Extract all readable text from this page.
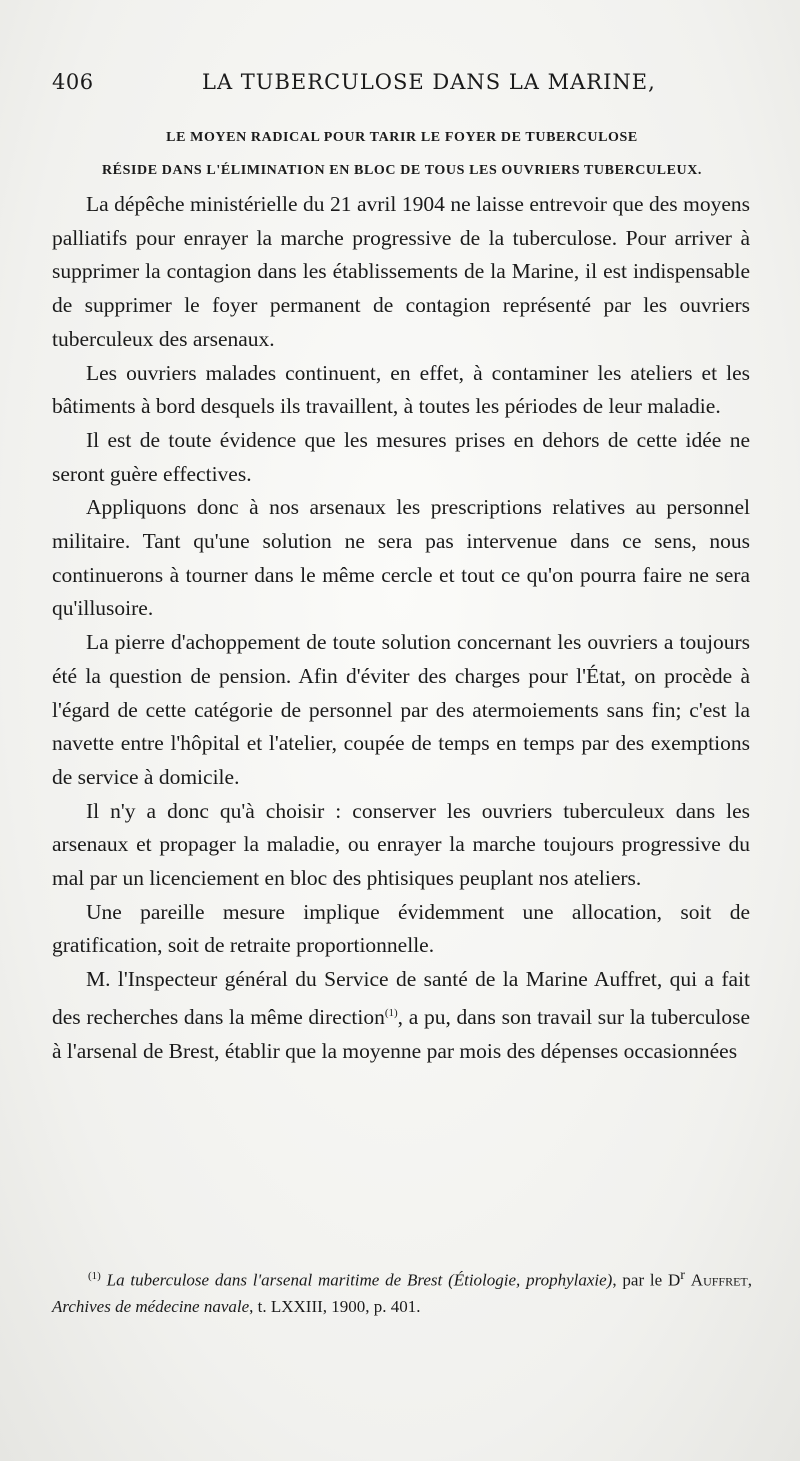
406	LA TUBERCULOSE DANS LA MARINE,
LE MOYEN RADICAL POUR TARIR LE FOYER DE TUBERCULOSE
RÉSIDE DANS L'ÉLIMINATION EN BLOC DE TOUS LES OUVRIERS TUBERCULEUX.

La dépêche ministérielle du 21 avril 1904 ne laisse entrevoir que des moyens palliatifs pour enrayer la marche progressive de la tuberculose. Pour arriver à supprimer la contagion dans les établissements de la Marine, il est indispensable de supprimer le foyer permanent de contagion représenté par les ouvriers tuberculeux des arsenaux.

Les ouvriers malades continuent, en effet, à contaminer les ateliers et les bâtiments à bord desquels ils travaillent, à toutes les périodes de leur maladie.

Il est de toute évidence que les mesures prises en dehors de cette idée ne seront guère effectives.

Appliquons donc à nos arsenaux les prescriptions relatives au personnel militaire. Tant qu'une solution ne sera pas intervenue dans ce sens, nous continuerons à tourner dans le même cercle et tout ce qu'on pourra faire ne sera qu'illusoire.

La pierre d'achoppement de toute solution concernant les ouvriers a toujours été la question de pension. Afin d'éviter des charges pour l'État, on procède à l'égard de cette catégorie de personnel par des atermoiements sans fin; c'est la navette entre l'hôpital et l'atelier, coupée de temps en temps par des exemptions de service à domicile.

Il n'y a donc qu'à choisir : conserver les ouvriers tuberculeux dans les arsenaux et propager la maladie, ou enrayer la marche toujours progressive du mal par un licenciement en bloc des phtisiques peuplant nos ateliers.

Une pareille mesure implique évidemment une allocation, soit de gratification, soit de retraite proportionnelle.

M. l'Inspecteur général du Service de santé de la Marine Auffret, qui a fait des recherches dans la même direction$^{(1)}$, a pu, dans son travail sur la tuberculose à l'arsenal de Brest, établir que la moyenne par mois des dépenses occasionnées

$^{(1)}$ La tuberculose dans l'arsenal maritime de Brest (Étiologie, prophylaxie), par le $D^r$ Auffret, Archives de médecine navale, t. LXXIII, 1900, p. 401.
